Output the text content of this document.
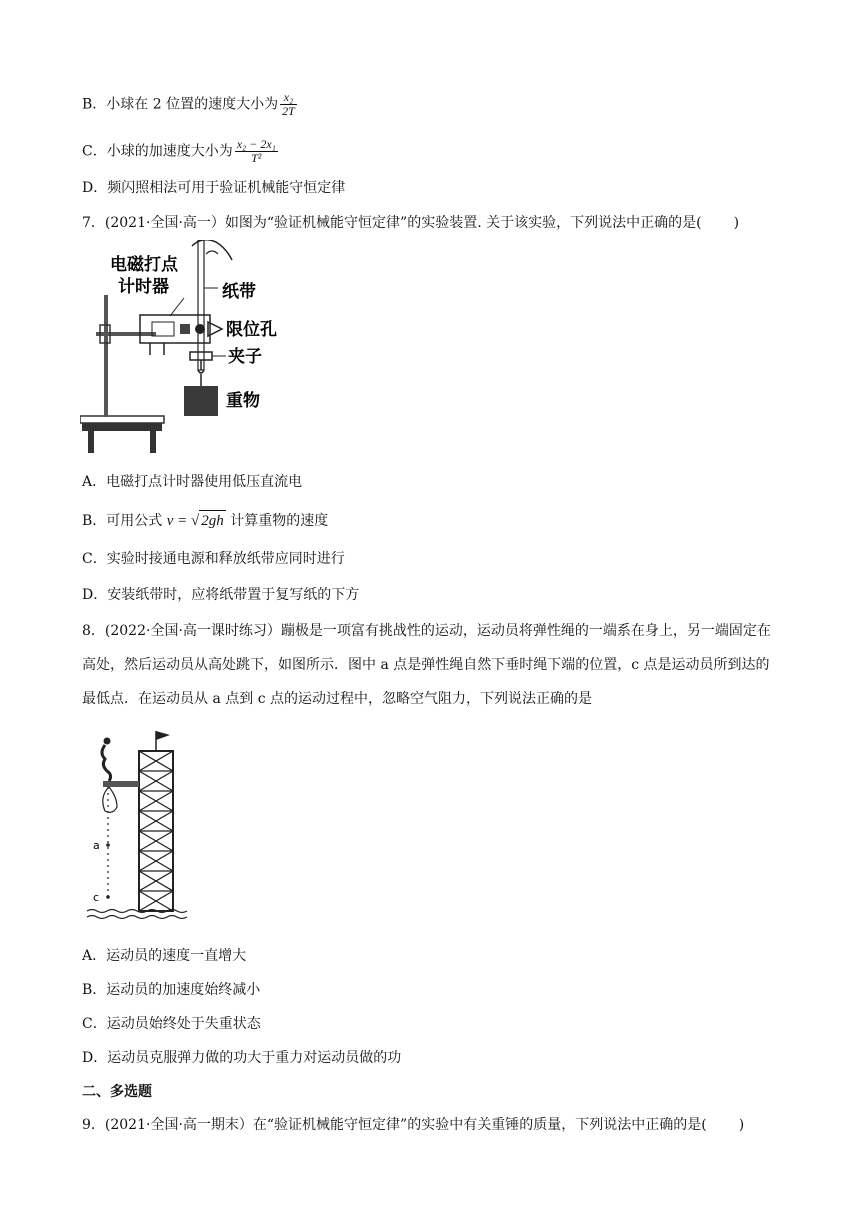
B．小球在 2 位置的速度大小为 $\frac{\text{x₂}}{2T}$
C．小球的加速度大小为 $\frac{\text{x₂ − 2x₁}}{\text{T²}}$
D．频闪照相法可用于验证机械能守恒定律
7．(2021·全国·高一）如图为“验证机械能守恒定律”的实验装置. 关于该实验，下列说法中正确的是( )
电磁打点
计时器	纸带
限位孔
夹子
重物
A．电磁打点计时器使用低压直流电
B．可用公式 v = √ 2gh 计算重物的速度
C．实验时接通电源和释放纸带应同时进行
D．安装纸带时，应将纸带置于复写纸的下方
8．(2022·全国·高一课时练习）蹦极是一项富有挑战性的运动，运动员将弹性绳的一端系在身上，另一端固定在高处，然后运动员从高处跳下，如图所示．图中 a 点是弹性绳自然下垂时绳下端的位置，c 点是运动员所到达的最低点．在运动员从 a 点到 c 点的运动过程中，忽略空气阻力，下列说法正确的是
a
c
A．运动员的速度一直增大
B．运动员的加速度始终减小
C．运动员始终处于失重状态
D．运动员克服弹力做的功大于重力对运动员做的功
二、多选题
9．(2021·全国·高一期末）在“验证机械能守恒定律”的实验中有关重锤的质量，下列说法中正确的是( )
